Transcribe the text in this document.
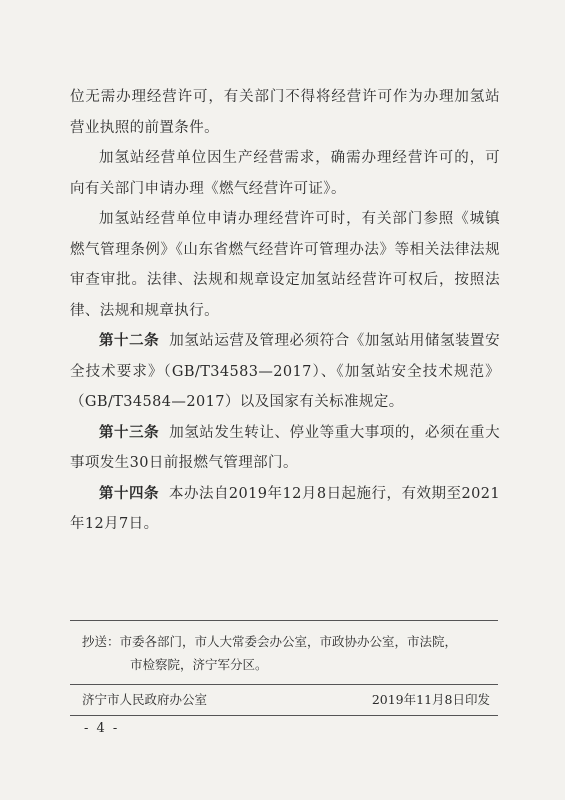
位无需办理经营许可，有关部门不得将经营许可作为办理加氢站营业执照的前置条件。

加氢站经营单位因生产经营需求，确需办理经营许可的，可向有关部门申请办理《燃气经营许可证》。

加氢站经营单位申请办理经营许可时，有关部门参照《城镇燃气管理条例》《山东省燃气经营许可管理办法》等相关法律法规审查审批。法律、法规和规章设定加氢站经营许可权后，按照法律、法规和规章执行。

第十二条 加氢站运营及管理必须符合《加氢站用储氢装置安全技术要求》（GB/T34583—2017）、《加氢站安全技术规范》（GB/T34584—2017）以及国家有关标准规定。

第十三条 加氢站发生转让、停业等重大事项的，必须在重大事项发生30日前报燃气管理部门。

第十四条 本办法自2019年12月8日起施行，有效期至2021年12月7日。

抄送：市委各部门，市人大常委会办公室，市政协办公室，市法院，
市检察院，济宁军分区。
济宁市人民政府办公室	2019年11月8日印发
- 4 -
